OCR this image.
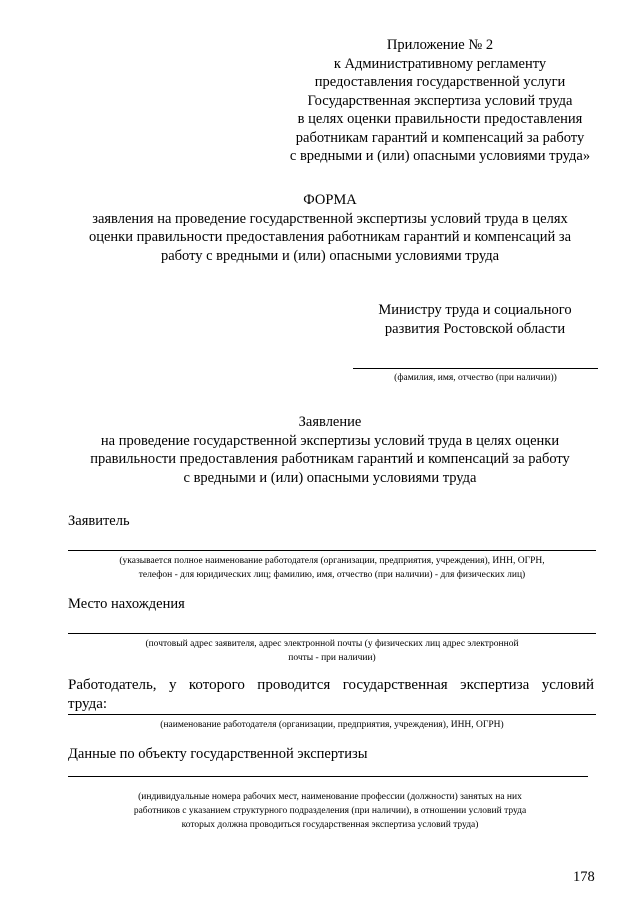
Приложение № 2
к Административному регламенту
предоставления государственной услуги
Государственная экспертиза условий труда
в целях оценки правильности предоставления
работникам гарантий и компенсаций за работу
с вредными и (или) опасными условиями труда»
ФОРМА
заявления на проведение государственной экспертизы условий труда в целях
оценки правильности предоставления работникам гарантий и компенсаций за
работу с вредными и (или) опасными условиями труда
Министру труда и социального
развития Ростовской области
(фамилия, имя, отчество (при наличии))
Заявление
на проведение государственной экспертизы условий труда в целях оценки
правильности предоставления работникам гарантий и компенсаций за работу
с вредными и (или) опасными условиями труда
Заявитель
(указывается полное наименование работодателя (организации, предприятия, учреждения), ИНН, ОГРН,
телефон - для юридических лиц; фамилию, имя, отчество (при наличии) - для физических лиц)
Место нахождения
(почтовый адрес заявителя, адрес электронной почты (у физических лиц адрес электронной
почты - при наличии)
Работодатель, у которого проводится государственная экспертиза условий
труда:
(наименование работодателя (организации, предприятия, учреждения), ИНН, ОГРН)
Данные по объекту государственной экспертизы
(индивидуальные номера рабочих мест, наименование профессии (должности) занятых на них
работников с указанием структурного подразделения (при наличии), в отношении условий труда
которых должна проводиться государственная экспертиза условий труда)
178
